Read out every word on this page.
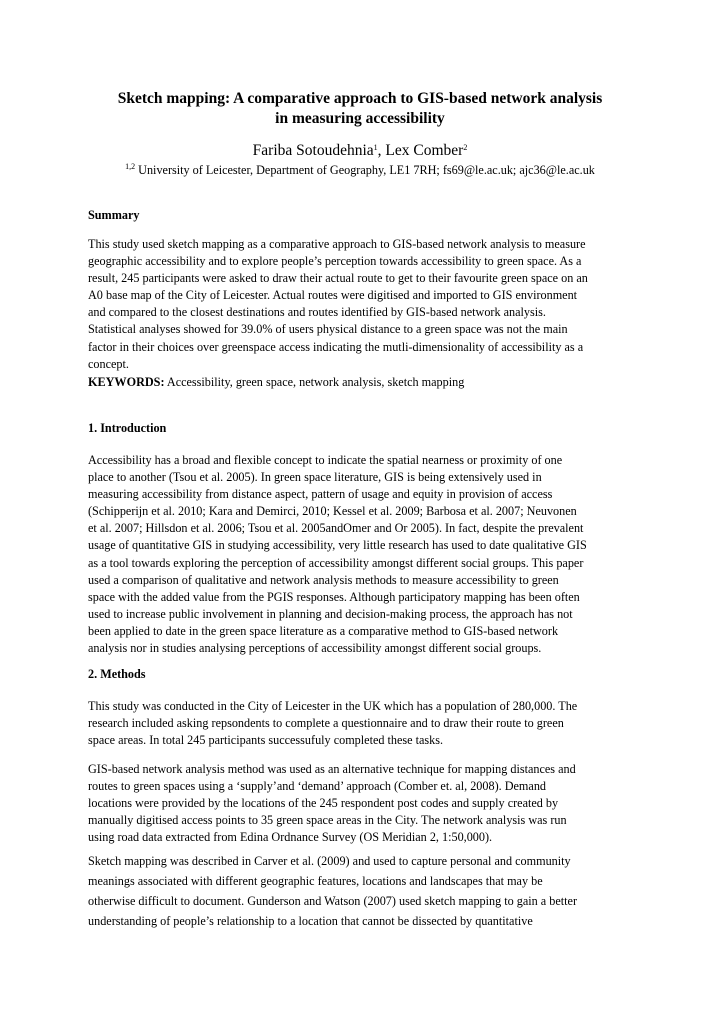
Sketch mapping: A comparative approach to GIS-based network analysis
in measuring accessibility
Fariba Sotoudehnia$^1$, Lex Comber$^2$
$^{1,2}$ University of Leicester, Department of Geography, LE1 7RH; fs69@le.ac.uk; ajc36@le.ac.uk
Summary
This study used sketch mapping as a comparative approach to GIS-based network analysis to measure
geographic accessibility and to explore people’s perception towards accessibility to green space. As a
result, 245 participants were asked to draw their actual route to get to their favourite green space on an
A0 base map of the City of Leicester. Actual routes were digitised and imported to GIS environment
and compared to the closest destinations and routes identified by GIS-based network analysis.
Statistical analyses showed for 39.0% of users physical distance to a green space was not the main
factor in their choices over greenspace access indicating the mutli-dimensionality of accessibility as a
concept.
KEYWORDS: Accessibility, green space, network analysis, sketch mapping
1. Introduction
Accessibility has a broad and flexible concept to indicate the spatial nearness or proximity of one
place to another (Tsou et al. 2005). In green space literature, GIS is being extensively used in
measuring accessibility from distance aspect, pattern of usage and equity in provision of access
(Schipperijn et al. 2010; Kara and Demirci, 2010; Kessel et al. 2009; Barbosa et al. 2007; Neuvonen
et al. 2007; Hillsdon et al. 2006; Tsou et al. 2005andOmer and Or 2005). In fact, despite the prevalent
usage of quantitative GIS in studying accessibility, very little research has used to date qualitative GIS
as a tool towards exploring the perception of accessibility amongst different social groups. This paper
used a comparison of qualitative and network analysis methods to measure accessibility to green
space with the added value from the PGIS responses. Although participatory mapping has been often
used to increase public involvement in planning and decision-making process, the approach has not
been applied to date in the green space literature as a comparative method to GIS-based network
analysis nor in studies analysing perceptions of accessibility amongst different social groups.
2. Methods
This study was conducted in the City of Leicester in the UK which has a population of 280,000. The
research included asking repsondents to complete a questionnaire and to draw their route to green
space areas. In total 245 participants successufuly completed these tasks.
GIS-based network analysis method was used as an alternative technique for mapping distances and
routes to green spaces using a ‘supply’and ‘demand’ approach (Comber et. al, 2008). Demand
locations were provided by the locations of the 245 respondent post codes and supply created by
manually digitised access points to 35 green space areas in the City. The network analysis was run
using road data extracted from Edina Ordnance Survey (OS Meridian 2, 1:50,000).
Sketch mapping was described in Carver et al. (2009) and used to capture personal and community
meanings associated with different geographic features, locations and landscapes that may be
otherwise difficult to document. Gunderson and Watson (2007) used sketch mapping to gain a better
understanding of people’s relationship to a location that cannot be dissected by quantitative
